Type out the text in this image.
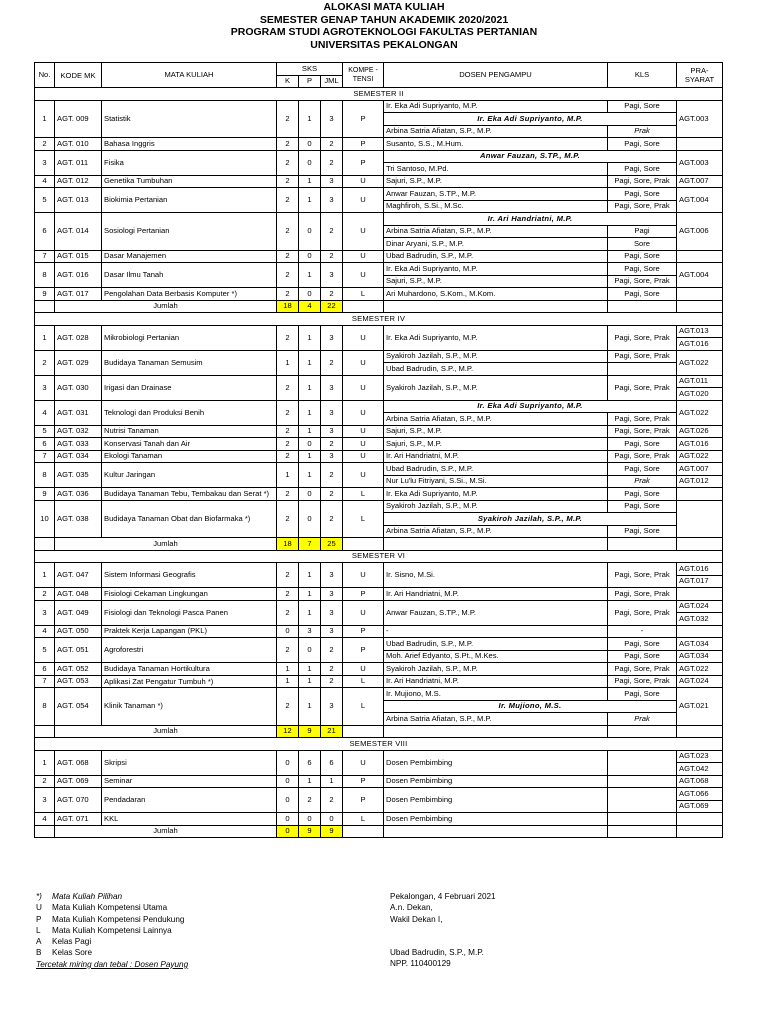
ALOKASI MATA KULIAH
SEMESTER GENAP TAHUN AKADEMIK 2020/2021
PROGRAM STUDI AGROTEKNOLOGI FAKULTAS PERTANIAN
UNIVERSITAS PEKALONGAN
No.	KODE MK	MATA KULIAH	SKS			KOMPE - TENSI	DOSEN PENGAMPU	KLS	PRA- SYARAT
			K	P	JML				
SEMESTER II									
1	AGT. 009	Statistik	2	1	3	P	Ir. Eka Adi Supriyanto, M.P.	Pagi, Sore	AGT.003
							Ir. Eka Adi Supriyanto, M.P.		
							Arbina Satria Afiatan, S.P., M.P.	Prak	
2	AGT. 010	Bahasa Inggris	2	0	2	P	Susanto, S.S., M.Hum.	Pagi, Sore	
3	AGT. 011	Fisika	2	0	2	P	Anwar Fauzan, S.TP., M.P.		AGT.003
							Tri Santoso, M.Pd.	Pagi, Sore	
4	AGT. 012	Genetika Tumbuhan	2	1	3	U	Sajuri, S.P., M.P.	Pagi, Sore, Prak	AGT.007
5	AGT. 013	Biokimia Pertanian	2	1	3	U	Anwar Fauzan, S.TP., M.P.	Pagi, Sore	AGT.004
							Maghfiroh, S.Si., M.Sc.	Pagi, Sore, Prak	
6	AGT. 014	Sosiologi Pertanian	2	0	2	U	Ir. Ari Handriatni, M.P.		AGT.006
							Arbina Satria Afiatan, S.P., M.P.	Pagi	
							Dinar Aryani, S.P., M.P.	Sore	
7	AGT. 015	Dasar Manajemen	2	0	2	U	Ubad Badrudin, S.P., M.P.	Pagi, Sore	
8	AGT. 016	Dasar Ilmu Tanah	2	1	3	U	Ir. Eka Adi Supriyanto, M.P.	Pagi, Sore	AGT.004
							Sajuri, S.P., M.P.	Pagi, Sore, Prak	
9	AGT. 017	Pengolahan Data Berbasis Komputer *)	2	0	2	L	Ari Muhardono, S.Kom., M.Kom.	Pagi, Sore	
	Jumlah		18	4	22				
SEMESTER IV									
1	AGT. 028	Mikrobiologi Pertanian	2	1	3	U	Ir. Eka Adi Supriyanto, M.P.	Pagi, Sore, Prak	AGT.013
									AGT.016
2	AGT. 029	Budidaya Tanaman Semusim	1	1	2	U	Syakiroh Jazilah, S.P., M.P.	Pagi, Sore, Prak	AGT.022
							Ubad Badrudin, S.P., M.P.		
3	AGT. 030	Irigasi dan Drainase	2	1	3	U	Syakiroh Jazilah, S.P., M.P.	Pagi, Sore, Prak	AGT.011
									AGT.020
4	AGT. 031	Teknologi dan Produksi Benih	2	1	3	U	Ir. Eka Adi Supriyanto, M.P.		AGT.022
							Arbina Satria Afiatan, S.P., M.P.	Pagi, Sore, Prak	
5	AGT. 032	Nutrisi Tanaman	2	1	3	U	Sajuri, S.P., M.P.	Pagi, Sore, Prak	AGT.026
6	AGT. 033	Konservasi Tanah dan Air	2	0	2	U	Sajuri, S.P., M.P.	Pagi, Sore	AGT.016
7	AGT. 034	Ekologi Tanaman	2	1	3	U	Ir. Ari Handriatni, M.P.	Pagi, Sore, Prak	AGT.022
8	AGT. 035	Kultur Jaringan	1	1	2	U	Ubad Badrudin, S.P., M.P.	Pagi, Sore	AGT.007
							Nur Lu'lu Fitriyani, S.Si., M.Si.	Prak	AGT.012
9	AGT. 036	Budidaya Tanaman Tebu, Tembakau dan Serat *)	2	0	2	L	Ir. Eka Adi Supriyanto, M.P.	Pagi, Sore	
10	AGT. 038	Budidaya Tanaman Obat dan Biofarmaka *)	2	0	2	L	Syakiroh Jazilah, S.P., M.P.	Pagi, Sore	
							Syakiroh Jazilah, S.P., M.P.		
							Arbina Satria Afiatan, S.P., M.P.	Pagi, Sore	
	Jumlah		18	7	25				
SEMESTER VI									
1	AGT. 047	Sistem Informasi Geografis	2	1	3	U	Ir. Sisno, M.Si.	Pagi, Sore, Prak	AGT.016
									AGT.017
2	AGT. 048	Fisiologi Cekaman Lingkungan	2	1	3	P	Ir. Ari Handriatni, M.P.	Pagi, Sore, Prak	
3	AGT. 049	Fisiologi dan Teknologi Pasca Panen	2	1	3	U	Anwar Fauzan, S.TP., M.P.	Pagi, Sore, Prak	AGT.024
									AGT.032
4	AGT. 050	Praktek Kerja Lapangan (PKL)	0	3	3	P	-	-	
5	AGT. 051	Agroforestri	2	0	2	P	Ubad Badrudin, S.P., M.P.	Pagi, Sore	AGT.034
							Moh. Arief Edyanto, S.Pt., M.Kes.	Pagi, Sore	AGT.034
6	AGT. 052	Budidaya Tanaman Hortikultura	1	1	2	U	Syakiroh Jazilah, S.P., M.P.	Pagi, Sore, Prak	AGT.022
7	AGT. 053	Aplikasi Zat Pengatur Tumbuh *)	1	1	2	L	Ir. Ari Handriatni, M.P.	Pagi, Sore, Prak	AGT.024
8	AGT. 054	Klinik Tanaman *)	2	1	3	L	Ir. Mujiono, M.S.	Pagi, Sore	AGT.021
							Ir. Mujiono, M.S.		
							Arbina Satria Afiatan, S.P., M.P.	Prak	
	Jumlah		12	9	21				
SEMESTER VIII									
1	AGT. 068	Skripsi	0	6	6	U	Dosen Pembimbing		AGT.023
									AGT.042
2	AGT. 069	Seminar	0	1	1	P	Dosen Pembimbing		AGT.068
3	AGT. 070	Pendadaran	0	2	2	P	Dosen Pembimbing		AGT.066
									AGT.069
4	AGT. 071	KKL	0	0	0	L	Dosen Pembimbing		
	Jumlah		0	9	9				
*) Mata Kuliah Pilihan
U Mata Kuliah Kompetensi Utama
P Mata Kuliah Kompetensi Pendukung
L Mata Kuliah Kompetensi Lainnya
A Kelas Pagi
B Kelas Sore
Tercetak miring dan tebal : Dosen Payung
Pekalongan, 4 Februari 2021
A.n. Dekan,
Wakil Dekan I,
Ubad Badrudin, S.P., M.P.
NPP. 110400129
